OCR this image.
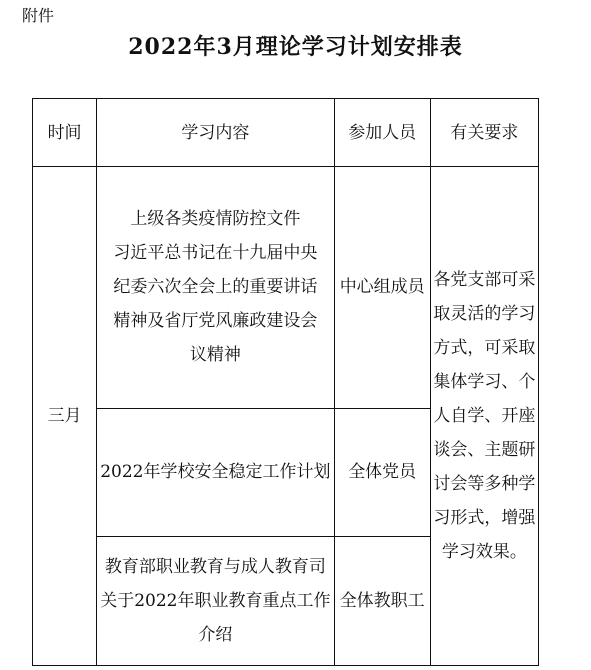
附件
2022年3月理论学习计划安排表
时间	学习内容	参加人员	有关要求
三月	上级各类疫情防控文件
习近平总书记在十九届中央
纪委六次全会上的重要讲话
精神及省厅党风廉政建设会
议精神	中心组成员	各党支部可采取灵活的学习方式，可采取集体学习、个人自学、开座谈会、主题研讨会等多种学习形式，增强学习效果。
	2022年学校安全稳定工作计划	全体党员	
	教育部职业教育与成人教育司关于2022年职业教育重点工作介绍	全体教职工	
